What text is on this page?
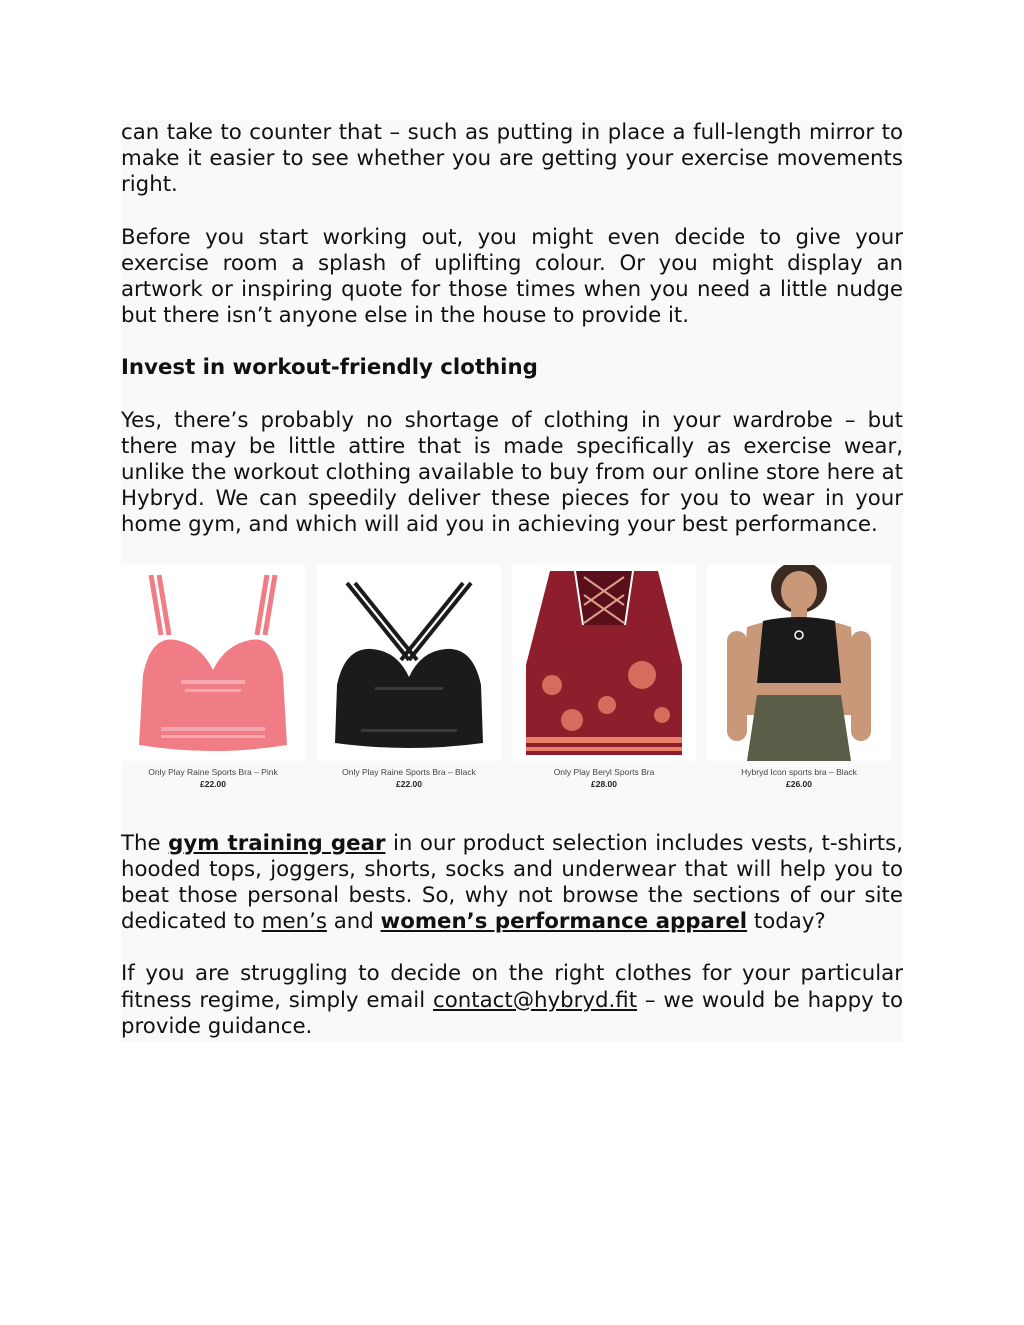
can take to counter that – such as putting in place a full-length mirror to make it easier to see whether you are getting your exercise movements right.

Before you start working out, you might even decide to give your exercise room a splash of uplifting colour. Or you might display an artwork or inspiring quote for those times when you need a little nudge but there isn’t anyone else in the house to provide it.

Invest in workout-friendly clothing

Yes, there’s probably no shortage of clothing in your wardrobe – but there may be little attire that is made specifically as exercise wear, unlike the workout clothing available to buy from our online store here at Hybryd. We can speedily deliver these pieces for you to wear in your home gym, and which will aid you in achieving your best performance.

Only Play Raine Sports Bra – Pink
£22.00
Only Play Raine Sports Bra – Black
£22.00
Only Play Beryl Sports Bra
£28.00
Hybryd Icon sports bra – Black
£26.00

The gym training gear in our product selection includes vests, t-shirts, hooded tops, joggers, shorts, socks and underwear that will help you to beat those personal bests. So, why not browse the sections of our site dedicated to men’s and women’s performance apparel today?

If you are struggling to decide on the right clothes for your particular fitness regime, simply email contact@hybryd.fit – we would be happy to provide guidance.
